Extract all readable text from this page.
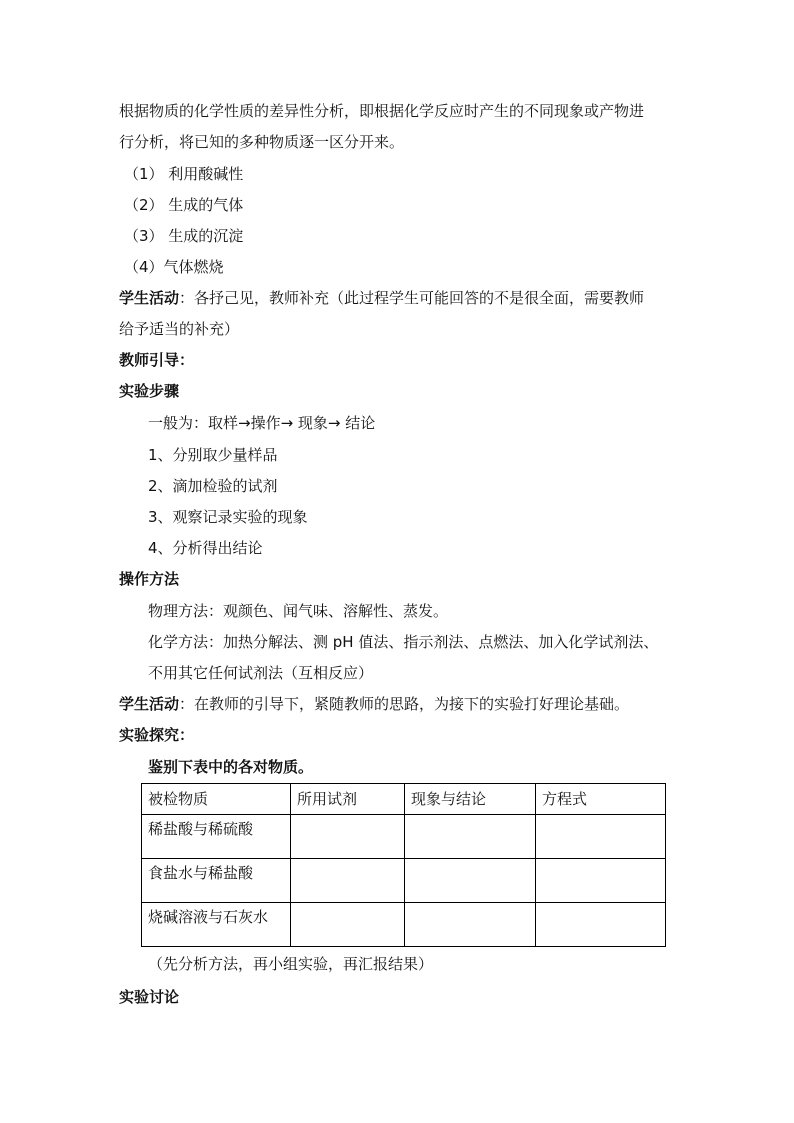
根据物质的化学性质的差异性分析，即根据化学反应时产生的不同现象或产物进
行分析，将已知的多种物质逐一区分开来。
（1） 利用酸碱性
（2） 生成的气体
（3） 生成的沉淀
（4）气体燃烧
学生活动：各抒己见，教师补充（此过程学生可能回答的不是很全面，需要教师
给予适当的补充）
教师引导：
实验步骤
一般为：取样→操作→ 现象→ 结论
1、分别取少量样品
2、滴加检验的试剂
3、观察记录实验的现象
4、分析得出结论
操作方法
物理方法：观颜色、闻气味、溶解性、蒸发。
化学方法：加热分解法、测 pH 值法、指示剂法、点燃法、加入化学试剂法、
不用其它任何试剂法（互相反应）
学生活动：在教师的引导下，紧随教师的思路，为接下的实验打好理论基础。
实验探究：
鉴别下表中的各对物质。
被检物质	所用试剂	现象与结论	方程式
稀盐酸与稀硫酸			
食盐水与稀盐酸			
烧碱溶液与石灰水			
（先分析方法，再小组实验，再汇报结果）
实验讨论
